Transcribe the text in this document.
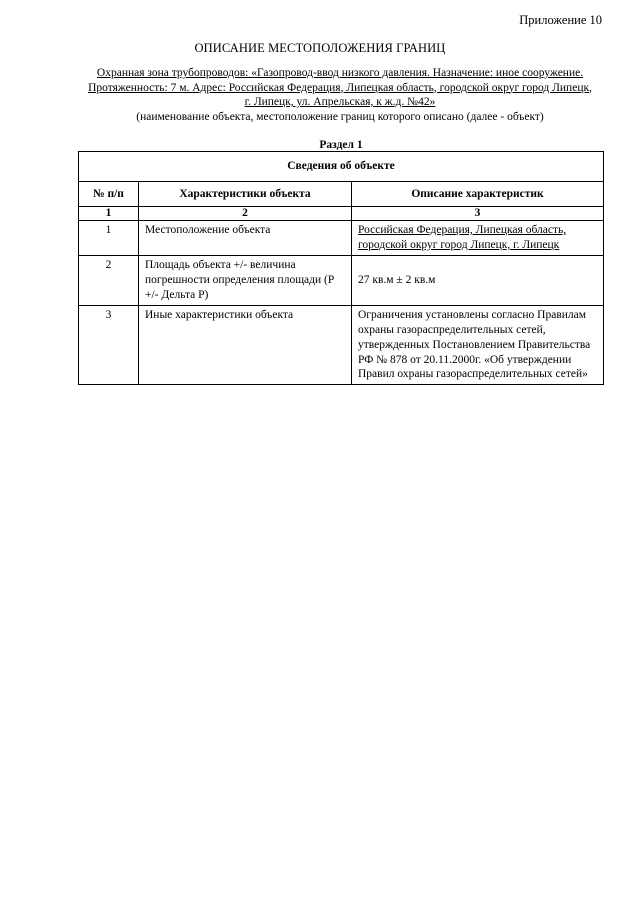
Приложение 10
ОПИСАНИЕ МЕСТОПОЛОЖЕНИЯ ГРАНИЦ
Охранная зона трубопроводов: «Газопровод-ввод низкого давления. Назначение: иное сооружение.
Протяженность: 7 м. Адрес: Российская Федерация, Липецкая область, городской округ город Липецк,
г. Липецк, ул. Апрельская, к ж.д. №42»
(наименование объекта, местоположение границ которого описано (далее - объект)
Раздел 1
Сведения об объекте		
№ п/п	Характеристики объекта	Описание характеристик
1	2	3
1	Местоположение объекта	Российская Федерация, Липецкая область, городской округ город Липецк, г. Липецк
2	Площадь объекта +/- величина погрешности определения площади (Р +/- Дельта Р)	27 кв.м ± 2 кв.м
3	Иные характеристики объекта	Ограничения установлены согласно Правилам охраны газораспределительных сетей, утвержденных Постановлением Правительства РФ № 878 от 20.11.2000г. «Об утверждении Правил охраны газораспределительных сетей»
